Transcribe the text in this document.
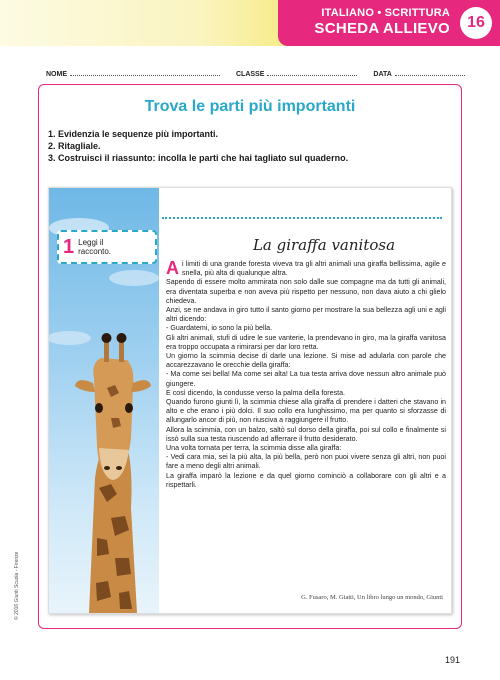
ITALIANO • SCRITTURA
SCHEDA ALLIEVO	16
NOME	CLASSE	DATA
Trova le parti più importanti
1. Evidenzia le sequenze più importanti.
2. Ritagliale.
3. Costruisci il riassunto: incolla le parti che hai tagliato sul quaderno.
1 Leggi il
racconto.	La giraffa vanitosa

Ai limiti di una grande foresta viveva tra gli altri animali una giraffa bellissima, agile e snella, più alta di qualunque altra.

Sapendo di essere molto ammirata non solo dalle sue compagne ma da tutti gli animali, era diventata superba e non aveva più rispetto per nessuno, non dava aiuto a chi glielo chiedeva.

Anzi, se ne andava in giro tutto il santo giorno per mostrare la sua bellezza agli uni e agli altri dicendo:

- Guardatemi, io sono la più bella.

Gli altri animali, stufi di udire le sue vanterie, la prendevano in giro, ma la giraffa vanitosa era troppo occupata a rimirarsi per dar loro retta.

Un giorno la scimmia decise di darle una lezione. Si mise ad adularla con parole che accarezzavano le orecchie della giraffa:

- Ma come sei bella! Ma come sei alta! La tua testa arriva dove nessun altro animale può giungere.

E così dicendo, la condusse verso la palma della foresta.

Quando furono giunti lì, la scimmia chiese alla giraffa di prendere i datteri che stavano in alto e che erano i più dolci. Il suo collo era lunghissimo, ma per quanto si sforzasse di allungarlo ancor di più, non riusciva a raggiungere il frutto.

Allora la scimmia, con un balzo, saltò sul dorso della giraffa, poi sul collo e finalmente si issò sulla sua testa riuscendo ad afferrare il frutto desiderato.

Una volta tornata per terra, la scimmia disse alla giraffa:

- Vedi cara mia, sei la più alta, la più bella, però non puoi vivere senza gli altri, non puoi fare a meno degli altri animali.

La giraffa imparò la lezione e da quel giorno cominciò a collaborare con gli altri e a rispettarli.

G. Fusaro, M. Giatti, Un libro lungo un mondo, Giunti
© 2016 Giunti Scuola - Firenze
191
